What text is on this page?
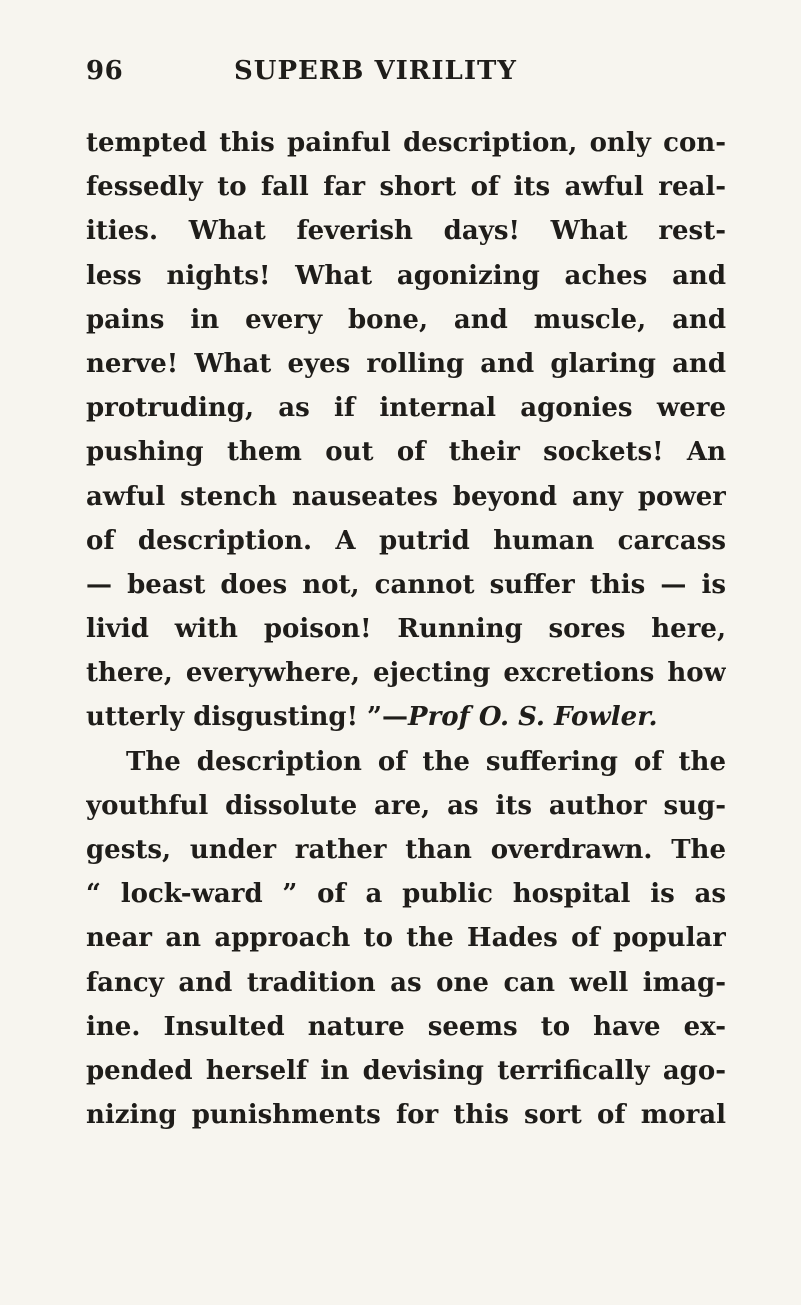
96	SUPERB VIRILITY
tempted this painful description, only con-
fessedly to fall far short of its awful real-
ities. What feverish days! What rest-
less nights! What agonizing aches and
pains in every bone, and muscle, and
nerve! What eyes rolling and glaring and
protruding, as if internal agonies were
pushing them out of their sockets! An
awful stench nauseates beyond any power
of description. A putrid human carcass
— beast does not, cannot suffer this — is
livid with poison! Running sores here,
there, everywhere, ejecting excretions how
utterly disgusting! ”—Prof O. S. Fowler.
The description of the suffering of the
youthful dissolute are, as its author sug-
gests, under rather than overdrawn. The
“ lock-ward ” of a public hospital is as
near an approach to the Hades of popular
fancy and tradition as one can well imag-
ine. Insulted nature seems to have ex-
pended herself in devising terrifically ago-
nizing punishments for this sort of moral
